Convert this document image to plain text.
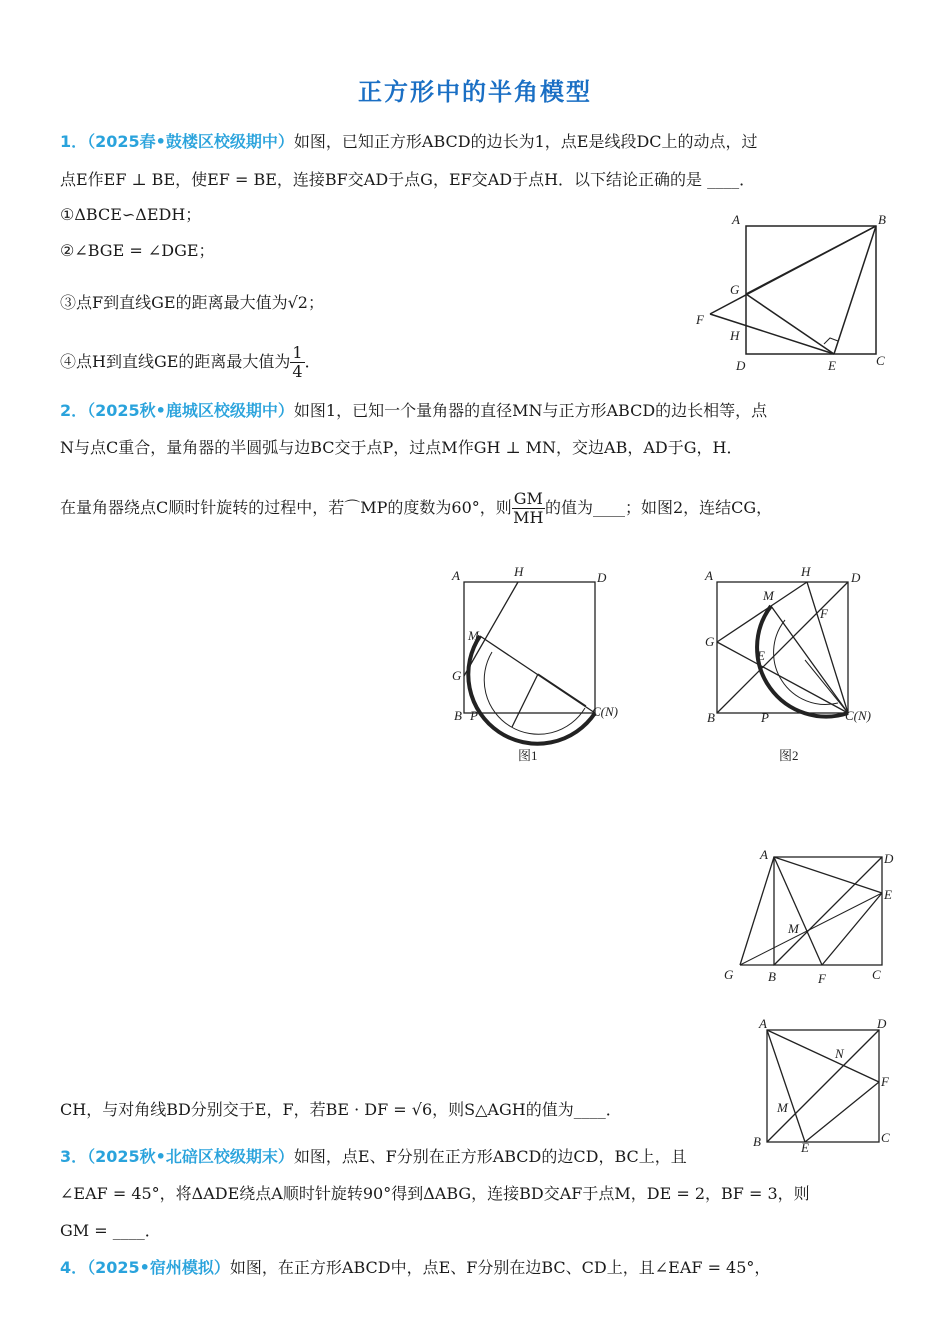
正方形中的半角模型
1．（2025春•鼓楼区校级期中）如图，已知正方形ABCD的边长为1，点E是线段DC上的动点，过
点E作EF ⊥ BE，使EF = BE，连接BF交AD于点G，EF交AD于点H．以下结论正确的是 ____．
①ΔBCE∽ΔEDH；
②∠BGE = ∠DGE；
③点F到直线GE的距离最大值为√2；
④点H到直线GE的距离最大值为 $\frac{1}{4}$ ．
A	B
G
F
H
D	E	C
2．（2025秋•鹿城区校级期中）如图1，已知一个量角器的直径MN与正方形ABCD的边长相等，点
N与点C重合，量角器的半圆弧与边BC交于点P，过点M作GH ⊥ MN，交边AB，AD于G，H．
在量角器绕点C顺时针旋转的过程中，若⌒MP的度数为60°，则 $\frac{GM}{MH}$ 的值为____；如图2，连结CG，
A	H	D
M
G
B P	C(N)
图1
A	H	D
M
F
G
E
B	P	C(N)
图2
A	D
E
M
G	B	F	C
A	D
N
F
M
B	E
C
CH，与对角线BD分别交于E，F，若BE · DF = √6，则S△AGH的值为____．
3．（2025秋•北碚区校级期末）如图，点E、F分别在正方形ABCD的边CD，BC上，且
∠EAF = 45°，将ΔADE绕点A顺时针旋转90°得到ΔABG，连接BD交AF于点M，DE = 2，BF = 3，则
GM = ____．
4．（2025•宿州模拟）如图，在正方形ABCD中，点E、F分别在边BC、CD上，且∠EAF = 45°，
